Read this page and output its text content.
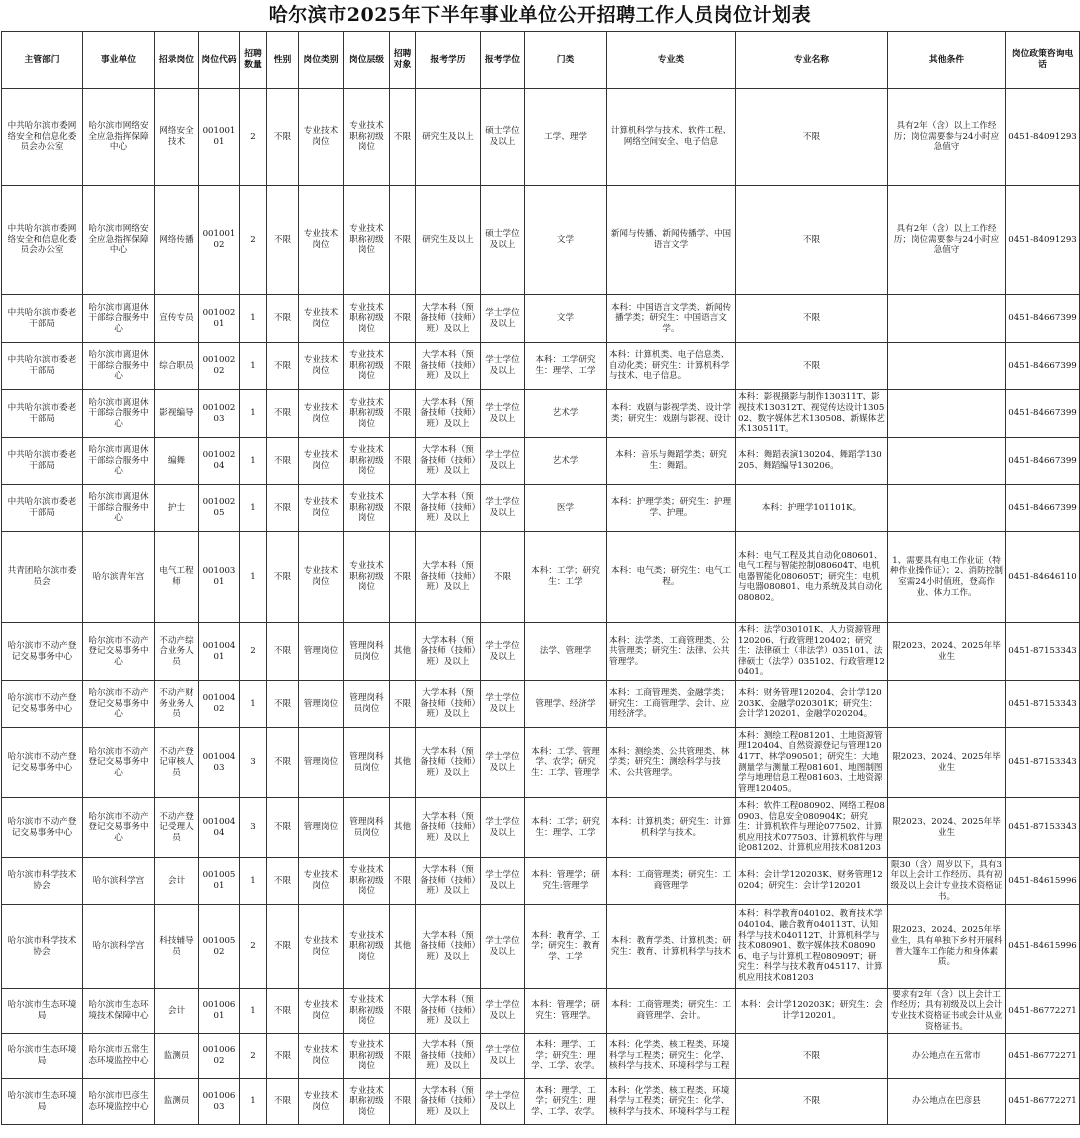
哈尔滨市2025年下半年事业单位公开招聘工作人员岗位计划表
主管部门	事业单位	招录岗位	岗位代码	招聘数量	性别	岗位类别	岗位层级	招聘对象	报考学历	报考学位	门类	专业类	专业名称	其他条件	岗位政策咨询电话
中共哈尔滨市委网络安全和信息化委员会办公室	哈尔滨市网络安全应急指挥保障中心	网络安全技术	00100101	2	不限	专业技术岗位	专业技术职称初级岗位	不限	研究生及以上	硕士学位及以上	工学、理学	计算机科学与技术、软件工程、网络空间安全、电子信息	不限	具有2年（含）以上工作经历；岗位需要参与24小时应急值守	0451-84091293
中共哈尔滨市委网络安全和信息化委员会办公室	哈尔滨市网络安全应急指挥保障中心	网络传播	00100102	2	不限	专业技术岗位	专业技术职称初级岗位	不限	研究生及以上	硕士学位及以上	文学	新闻与传播、新闻传播学、中国语言文学	不限	具有2年（含）以上工作经历；岗位需要参与24小时应急值守	0451-84091293
中共哈尔滨市委老干部局	哈尔滨市离退休干部综合服务中心	宣传专员	00100201	1	不限	专业技术岗位	专业技术职称初级岗位	不限	大学本科（预备技师（技师）班）及以上	学士学位及以上	文学	本科：中国语言文学类、新闻传播学类；研究生：中国语言文学。	不限		0451-84667399
中共哈尔滨市委老干部局	哈尔滨市离退休干部综合服务中心	综合职员	00100202	1	不限	专业技术岗位	专业技术职称初级岗位	不限	大学本科（预备技师（技师）班）及以上	学士学位及以上	本科：工学研究生：理学、工学	本科：计算机类、电子信息类、自动化类；研究生：计算机科学与技术、电子信息。	不限		0451-84667399
中共哈尔滨市委老干部局	哈尔滨市离退休干部综合服务中心	影视编导	00100203	1	不限	专业技术岗位	专业技术职称初级岗位	不限	大学本科（预备技师（技师）班）及以上	学士学位及以上	艺术学	本科：戏剧与影视学类、设计学类；研究生：戏剧与影视、设计	本科：影视摄影与制作130311T、影视技术130312T、视觉传达设计130502、数字媒体艺术130508、新媒体艺术130511T。		0451-84667399
中共哈尔滨市委老干部局	哈尔滨市离退休干部综合服务中心	编舞	00100204	1	不限	专业技术岗位	专业技术职称初级岗位	不限	大学本科（预备技师（技师）班）及以上	学士学位及以上	艺术学	本科：音乐与舞蹈学类；研究生：舞蹈。	本科：舞蹈表演130204、舞蹈学130205、舞蹈编导130206。		0451-84667399
中共哈尔滨市委老干部局	哈尔滨市离退休干部综合服务中心	护士	00100205	1	不限	专业技术岗位	专业技术职称初级岗位	不限	大学本科（预备技师（技师）班）及以上	学士学位及以上	医学	本科：护理学类；研究生：护理学、护理。	本科：护理学101101K。		0451-84667399
共青团哈尔滨市委员会	哈尔滨青年宫	电气工程师	00100301	1	不限	专业技术岗位	专业技术职称初级岗位	不限	大学本科（预备技师（技师）班）及以上	不限	本科：工学；研究生：工学	本科：电气类；研究生：电气工程。	本科：电气工程及其自动化080601、电气工程与智能控制080604T、电机电器智能化080605T；研究生：电机与电器080801、电力系统及其自动化080802。	1、需要具有电工作业证（特种作业操作证）；2、消防控制室需24小时值班，登高作业、体力工作。	0451-84646110
哈尔滨市不动产登记交易事务中心	哈尔滨市不动产登记交易事务中心	不动产综合业务人员	00100401	2	不限	管理岗位	管理岗科员岗位	其他	大学本科（预备技师（技师）班）及以上	学士学位及以上	法学、管理学	本科：法学类、工商管理类、公共管理类；研究生：法律、公共管理学。	本科：法学030101K、人力资源管理120206、行政管理120402；研究生：法律硕士（非法学）035101、法律硕士（法学）035102、行政管理120401。	限2023、2024、2025年毕业生	0451-87153343
哈尔滨市不动产登记交易事务中心	哈尔滨市不动产登记交易事务中心	不动产财务业务人员	00100402	1	不限	管理岗位	管理岗科员岗位	不限	大学本科（预备技师（技师）班）及以上	学士学位及以上	管理学、经济学	本科：工商管理类、金融学类；研究生：工商管理学、会计、应用经济学。	本科：财务管理120204、会计学120203K、金融学020301K；研究生：会计学120201、金融学020204。		0451-87153343
哈尔滨市不动产登记交易事务中心	哈尔滨市不动产登记交易事务中心	不动产登记审核人员	00100403	3	不限	管理岗位	管理岗科员岗位	其他	大学本科（预备技师（技师）班）及以上	学士学位及以上	本科：工学、管理学、农学；研究生：工学、管理学	本科：测绘类、公共管理类、林学类；研究生：测绘科学与技术、公共管理学。	本科：测绘工程081201、土地资源管理120404、自然资源登记与管理120417T、林学090501；研究生：大地测量学与测量工程081601、地图制图学与地理信息工程081603、土地资源管理120405。	限2023、2024、2025年毕业生	0451-87153343
哈尔滨市不动产登记交易事务中心	哈尔滨市不动产登记交易事务中心	不动产登记受理人员	00100404	3	不限	管理岗位	管理岗科员岗位	其他	大学本科（预备技师（技师）班）及以上	学士学位及以上	本科：工学；研究生：理学、工学	本科：计算机类；研究生：计算机科学与技术。	本科：软件工程080902、网络工程080903、信息安全080904K；研究生：计算机软件与理论077502、计算机应用技术077503、计算机软件与理论081202、计算机应用技术081203	限2023、2024、2025年毕业生	0451-87153343
哈尔滨市科学技术协会	哈尔滨科学宫	会计	00100501	1	不限	专业技术岗位	专业技术职称初级岗位	不限	大学本科（预备技师（技师）班）及以上	学士学位及以上	本科：管理学；研究生:管理学	本科：工商管理类；研究生：工商管理学	本科：会计学120203K、财务管理120204；研究生：会计学120201	限30（含）周岁以下，具有3年以上会计工作经历、具有初级及以上会计专业技术资格证书。	0451-84615996
哈尔滨市科学技术协会	哈尔滨科学宫	科技辅导员	00100502	2	不限	专业技术岗位	专业技术职称初级岗位	其他	大学本科（预备技师（技师）班）及以上	学士学位及以上	本科：教育学、工学；研究生：教育学、工学	本科：教育学类、计算机类；研究生：教育、计算机科学与技术	本科：科学教育040102、教育技术学040104、融合教育040113T、认知科学与技术040112T、计算机科学与技术080901、数字媒体技术080906、电子与计算机工程080909T；研究生：科学与技术教育045117、计算机应用技术081203	限2023、2024、2025年毕业生，具有单独下乡村开展科普大篷车工作能力和身体素质。	0451-84615996
哈尔滨市生态环境局	哈尔滨市生态环境技术保障中心	会计	00100601	1	不限	专业技术岗位	专业技术职称初级岗位	不限	大学本科（预备技师（技师）班）及以上	学士学位及以上	本科：管理学；研究生：管理学。	本科：工商管理类；研究生：工商管理学、会计。	本科：会计学120203K；研究生：会计学120201。	要求有2年（含）以上会计工作经历；具有初级及以上会计专业技术资格证书或会计从业资格证书。	0451-86772271
哈尔滨市生态环境局	哈尔滨市五常生态环境监控中心	监测员	00100602	2	不限	专业技术岗位	专业技术职称初级岗位	不限	大学本科（预备技师（技师）班）及以上	学士学位及以上	本科：理学、工学；研究生：理学、工学、农学。	本科：化学类、核工程类、环境科学与工程类；研究生：化学、核科学与技术、环境科学与工程	不限	办公地点在五常市	0451-86772271
哈尔滨市生态环境局	哈尔滨市巴彦生态环境监控中心	监测员	00100603	1	不限	专业技术岗位	专业技术职称初级岗位	不限	大学本科（预备技师（技师）班）及以上	学士学位及以上	本科：理学、工学；研究生：理学、工学、农学。	本科：化学类、核工程类、环境科学与工程类；研究生：化学、核科学与技术、环境科学与工程	不限	办公地点在巴彦县	0451-86772271
